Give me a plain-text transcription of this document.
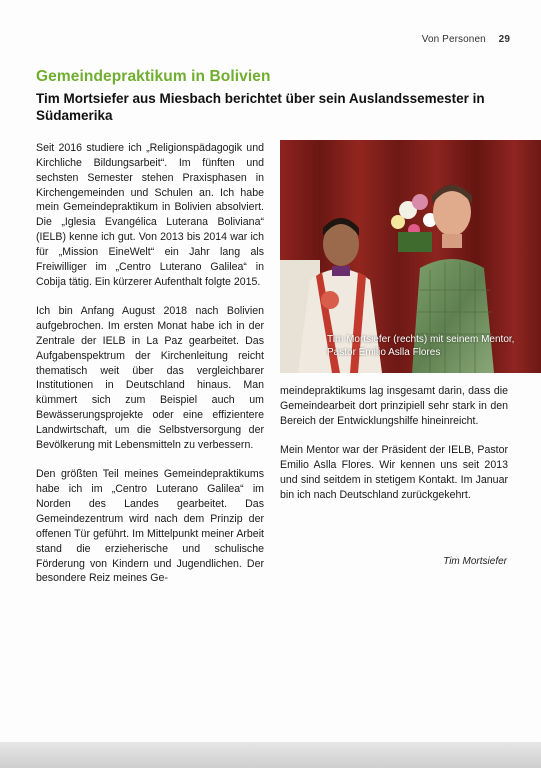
Von Personen 29
Gemeindepraktikum in Bolivien
Tim Mortsiefer aus Miesbach berichtet über sein Auslandssemester in Südamerika

Seit 2016 studiere ich „Religionspädagogik und Kirchliche Bildungsarbeit“. Im fünften und sechsten Semester stehen Praxisphasen in Kirchengemeinden und Schulen an. Ich habe mein Gemeindepraktikum in Bolivien absolviert. Die „Iglesia Evangélica Luterana Boliviana“ (IELB) kenne ich gut. Von 2013 bis 2014 war ich für „Mission EineWelt“ ein Jahr lang als Freiwilliger im „Centro Luterano Galilea“ in Cobija tätig. Ein kürzerer Aufenthalt folgte 2015.

Ich bin Anfang August 2018 nach Bolivien aufgebrochen. Im ersten Monat habe ich in der Zentrale der IELB in La Paz gearbeitet. Das Aufgabenspektrum der Kirchenleitung reicht thematisch weit über das vergleichbarer Institutionen in Deutschland hinaus. Man kümmert sich zum Beispiel auch um Bewässerungsprojekte oder eine effizientere Landwirtschaft, um die Selbstversorgung der Bevölkerung mit Lebensmitteln zu verbessern.

Den größten Teil meines Gemeindepraktikums habe ich im „Centro Luterano Galilea“ im Norden des Landes gearbeitet. Das Gemeindezentrum wird nach dem Prinzip der offenen Tür geführt. Im Mittelpunkt meiner Arbeit stand die erzieherische und schulische Förderung von Kindern und Jugendlichen. Der besondere Reiz meines Ge-

Tim Mortsiefer (rechts) mit seinem Mentor, Pastor Emilio Aslla Flores

meindepraktikums lag insgesamt darin, dass die Gemeindearbeit dort prinzipiell sehr stark in den Bereich der Entwicklungshilfe hineinreicht.

Mein Mentor war der Präsident der IELB, Pastor Emilio Aslla Flores. Wir kennen uns seit 2013 und sind seitdem in stetigem Kontakt. Im Januar bin ich nach Deutschland zurückgekehrt.

Tim Mortsiefer
